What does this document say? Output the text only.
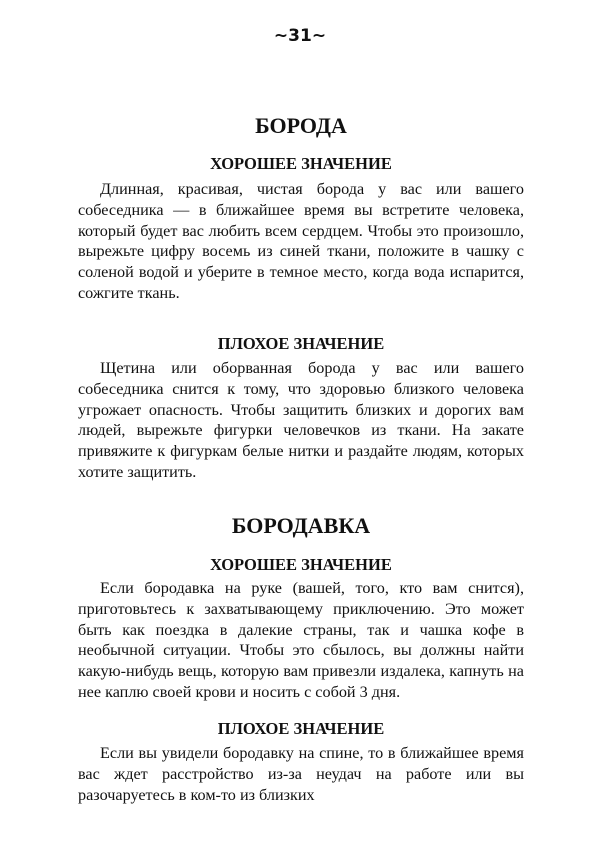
~31~
БОРОДА
ХОРОШЕЕ ЗНАЧЕНИЕ

Длинная, красивая, чистая борода у вас или вашего собеседника — в ближайшее время вы встретите человека, который будет вас любить всем сердцем. Чтобы это произошло, вырежьте цифру восемь из синей ткани, положите в чашку с соленой водой и уберите в темное место, когда вода испарится, сожгите ткань.

ПЛОХОЕ ЗНАЧЕНИЕ

Щетина или оборванная борода у вас или вашего собеседника снится к тому, что здоровью близкого человека угрожает опасность. Чтобы защитить близких и дорогих вам людей, вырежьте фигурки человечков из ткани. На закате привяжите к фигуркам белые нитки и раздайте людям, которых хотите защитить.

БОРОДАВКА
ХОРОШЕЕ ЗНАЧЕНИЕ

Если бородавка на руке (вашей, того, кто вам снится), приготовьтесь к захватывающему приключению. Это может быть как поездка в далекие страны, так и чашка кофе в необычной ситуации. Чтобы это сбылось, вы должны найти какую-нибудь вещь, которую вам привезли издалека, капнуть на нее каплю своей крови и носить с собой 3 дня.

ПЛОХОЕ ЗНАЧЕНИЕ

Если вы увидели бородавку на спине, то в ближайшее время вас ждет расстройство из-за неудач на работе или вы разочаруетесь в ком-то из близких
